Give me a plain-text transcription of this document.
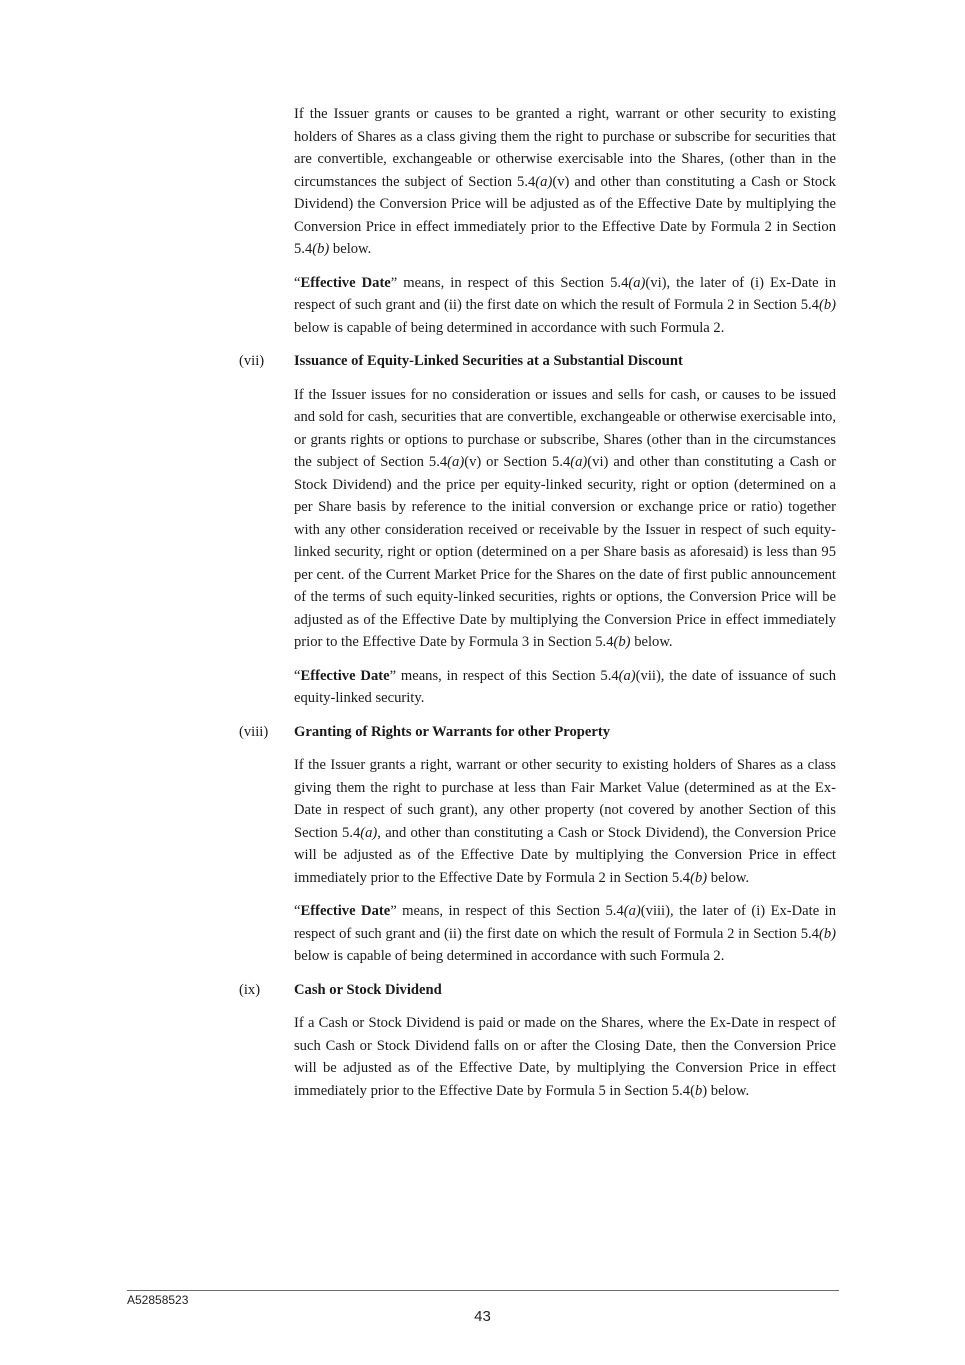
If the Issuer grants or causes to be granted a right, warrant or other security to existing holders of Shares as a class giving them the right to purchase or subscribe for securities that are convertible, exchangeable or otherwise exercisable into the Shares, (other than in the circumstances the subject of Section 5.4(a)(v) and other than constituting a Cash or Stock Dividend) the Conversion Price will be adjusted as of the Effective Date by multiplying the Conversion Price in effect immediately prior to the Effective Date by Formula 2 in Section 5.4(b) below.

“Effective Date” means, in respect of this Section 5.4(a)(vi), the later of (i) Ex-Date in respect of such grant and (ii) the first date on which the result of Formula 2 in Section 5.4(b) below is capable of being determined in accordance with such Formula 2.

(vii) Issuance of Equity-Linked Securities at a Substantial Discount

If the Issuer issues for no consideration or issues and sells for cash, or causes to be issued and sold for cash, securities that are convertible, exchangeable or otherwise exercisable into, or grants rights or options to purchase or subscribe, Shares (other than in the circumstances the subject of Section 5.4(a)(v) or Section 5.4(a)(vi) and other than constituting a Cash or Stock Dividend) and the price per equity-linked security, right or option (determined on a per Share basis by reference to the initial conversion or exchange price or ratio) together with any other consideration received or receivable by the Issuer in respect of such equity-linked security, right or option (determined on a per Share basis as aforesaid) is less than 95 per cent. of the Current Market Price for the Shares on the date of first public announcement of the terms of such equity-linked securities, rights or options, the Conversion Price will be adjusted as of the Effective Date by multiplying the Conversion Price in effect immediately prior to the Effective Date by Formula 3 in Section 5.4(b) below.

“Effective Date” means, in respect of this Section 5.4(a)(vii), the date of issuance of such equity-linked security.

(viii) Granting of Rights or Warrants for other Property

If the Issuer grants a right, warrant or other security to existing holders of Shares as a class giving them the right to purchase at less than Fair Market Value (determined as at the Ex-Date in respect of such grant), any other property (not covered by another Section of this Section 5.4(a), and other than constituting a Cash or Stock Dividend), the Conversion Price will be adjusted as of the Effective Date by multiplying the Conversion Price in effect immediately prior to the Effective Date by Formula 2 in Section 5.4(b) below.

“Effective Date” means, in respect of this Section 5.4(a)(viii), the later of (i) Ex-Date in respect of such grant and (ii) the first date on which the result of Formula 2 in Section 5.4(b) below is capable of being determined in accordance with such Formula 2.

(ix) Cash or Stock Dividend

If a Cash or Stock Dividend is paid or made on the Shares, where the Ex-Date in respect of such Cash or Stock Dividend falls on or after the Closing Date, then the Conversion Price will be adjusted as of the Effective Date, by multiplying the Conversion Price in effect immediately prior to the Effective Date by Formula 5 in Section 5.4(b) below.

A52858523
43
